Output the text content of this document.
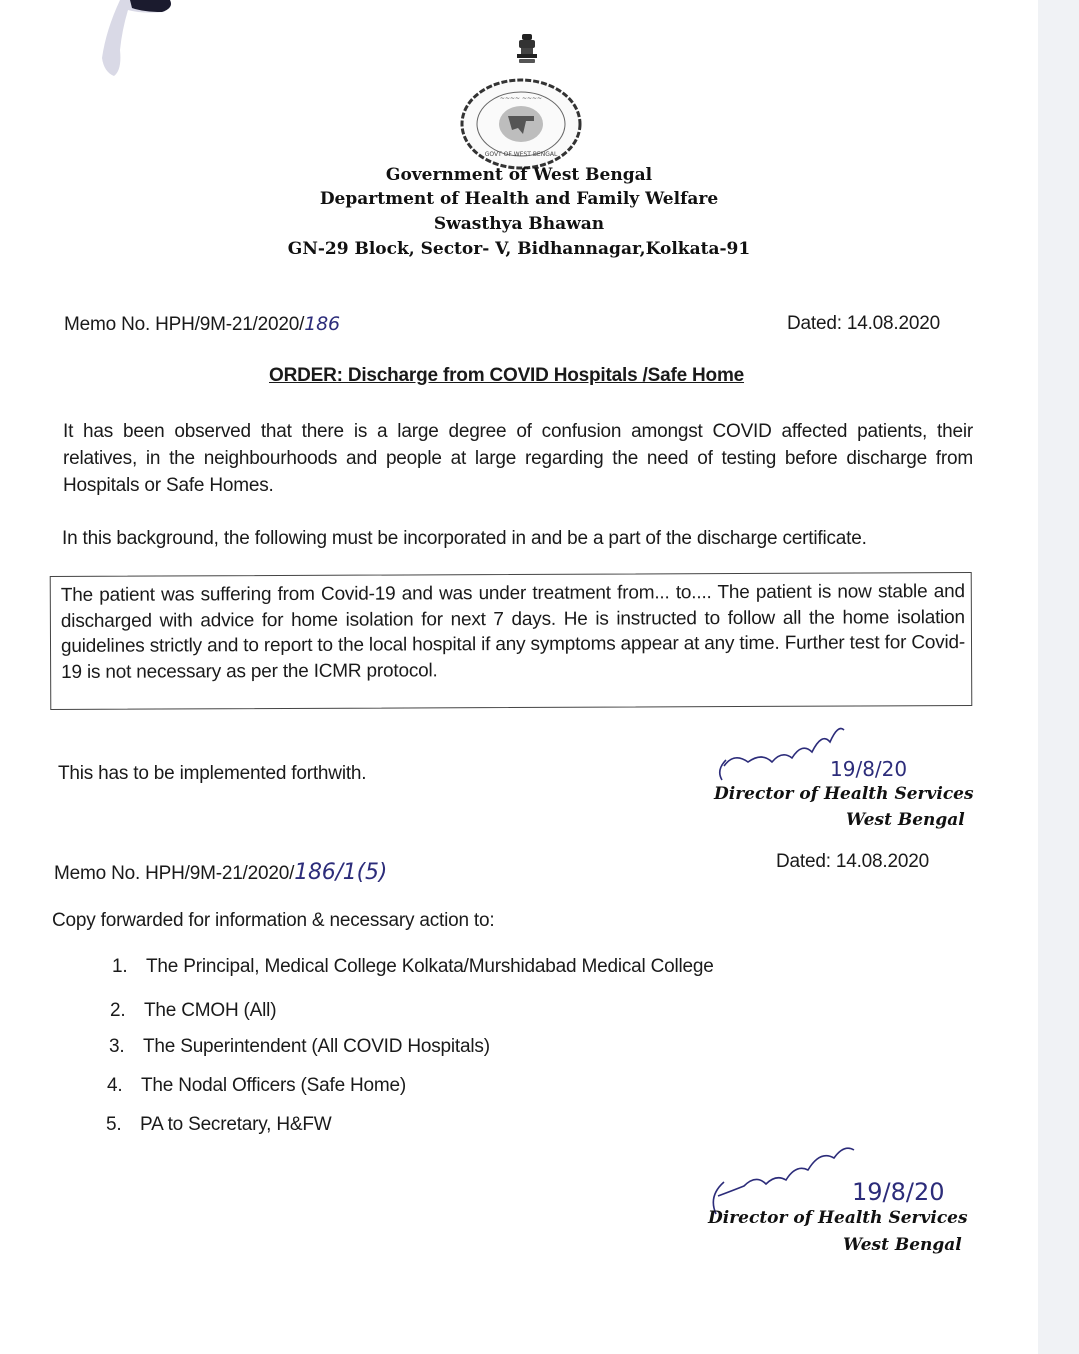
~~~~ ~~~~
GOVT OF WEST BENGAL
Government of West Bengal
Department of Health and Family Welfare
Swasthya Bhawan
GN-29 Block, Sector- V, Bidhannagar,Kolkata-91
Memo No. HPH/9M-21/2020/186	Dated: 14.08.2020
ORDER: Discharge from COVID Hospitals /Safe Home
It has been observed that there is a large degree of confusion amongst COVID affected patients, their relatives, in the neighbourhoods and people at large regarding the need of testing before discharge from Hospitals or Safe Homes.
In this background, the following must be incorporated in and be a part of the discharge certificate.

The patient was suffering from Covid-19 and was under treatment from... to.... The patient is now stable and discharged with advice for home isolation for next 7 days. He is instructed to follow all the home isolation guidelines strictly and to report to the local hospital if any symptoms appear at any time. Further test for Covid-19 is not necessary as per the ICMR protocol.

This has to be implemented forthwith.	19/8/20
Director of Health Services
West Bengal
Memo No. HPH/9M-21/2020/186/1(5)	Dated: 14.08.2020
Copy forwarded for information & necessary action to:
1. The Principal, Medical College Kolkata/Murshidabad Medical College
2. The CMOH (All)
3. The Superintendent (All COVID Hospitals)
4. The Nodal Officers (Safe Home)
5. PA to Secretary, H&FW
19/8/20
Director of Health Services
West Bengal
